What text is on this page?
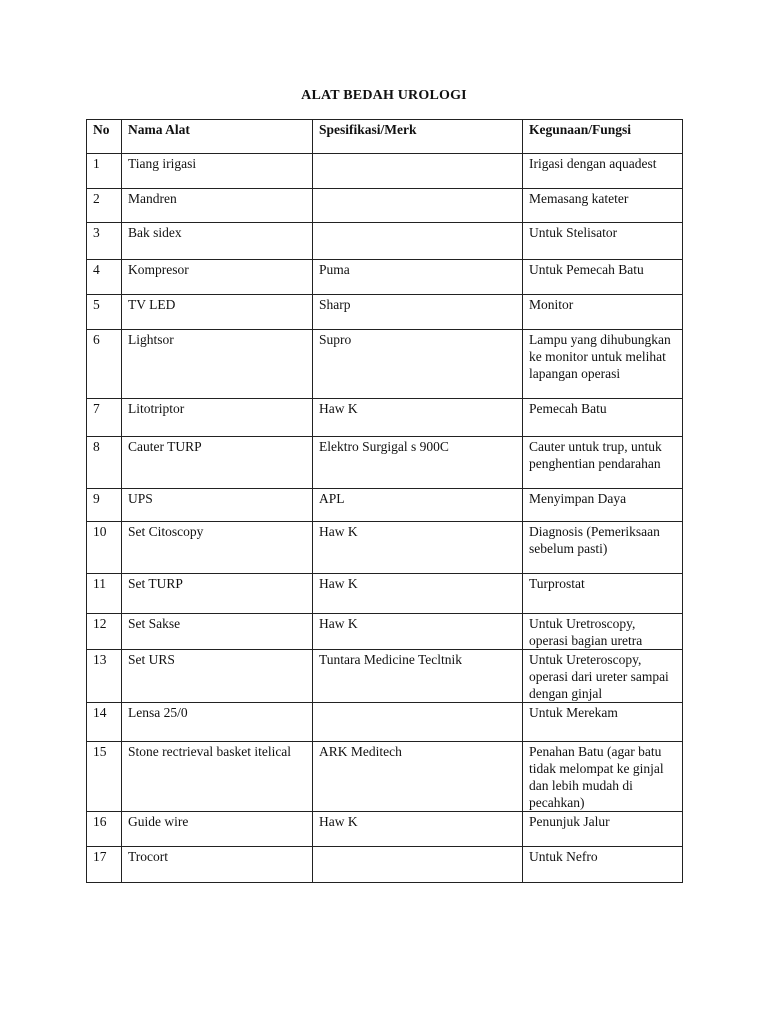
ALAT BEDAH UROLOGI
No	Nama Alat	Spesifikasi/Merk	Kegunaan/Fungsi
1	Tiang irigasi		Irigasi dengan aquadest
2	Mandren		Memasang kateter
3	Bak sidex		Untuk Stelisator
4	Kompresor	Puma	Untuk Pemecah Batu
5	TV LED	Sharp	Monitor
6	Lightsor	Supro	Lampu yang dihubungkan ke monitor untuk melihat lapangan operasi
7	Litotriptor	Haw K	Pemecah Batu
8	Cauter TURP	Elektro Surgigal s 900C	Cauter untuk trup, untuk penghentian pendarahan
9	UPS	APL	Menyimpan Daya
10	Set Citoscopy	Haw K	Diagnosis (Pemeriksaan sebelum pasti)
11	Set TURP	Haw K	Turprostat
12	Set Sakse	Haw K	Untuk Uretroscopy, operasi bagian uretra
13	Set URS	Tuntara Medicine Tecltnik	Untuk Ureteroscopy, operasi dari ureter sampai dengan ginjal
14	Lensa 25/0		Untuk Merekam
15	Stone rectrieval basket itelical	ARK Meditech	Penahan Batu (agar batu tidak melompat ke ginjal dan lebih mudah di pecahkan)
16	Guide wire	Haw K	Penunjuk Jalur
17	Trocort		Untuk Nefro
